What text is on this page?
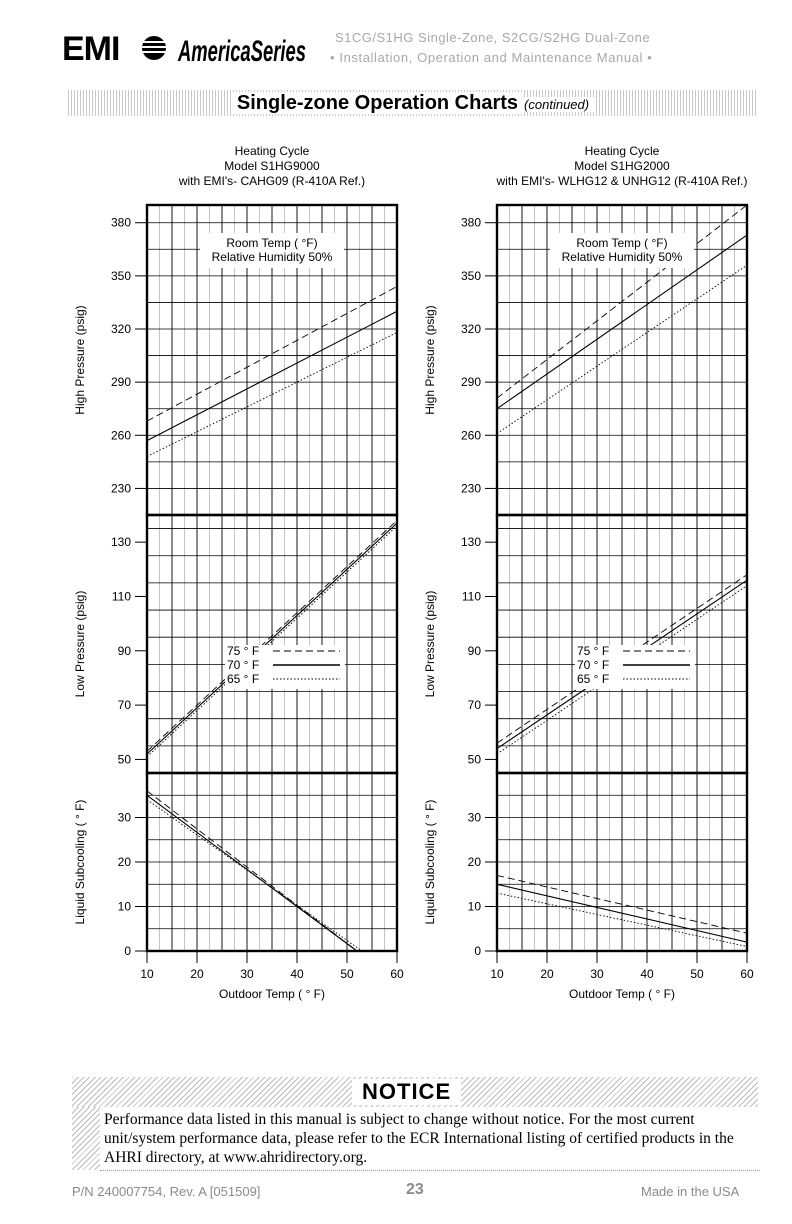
EMI AmericaSeries S1CG/S1HG Single-Zone, S2CG/S2HG Dual-Zone
• Installation, Operation and Maintenance Manual •
Single-zone Operation Charts (continued)
Heating Cycle
Model S1HG9000
with EMI's- CAHG09 (R-410A Ref.)
230
260
290
320
350
380
High Pressure (psig)
50
70
90
110
130
Low Pressure (psig)
0
10
20
30
Liquid Subcooling ( ° F)
10	20	30	40	50	60
Outdoor Temp ( ° F)
Room Temp ( °F)
Relative Humidity 50%
75 ° F
70 ° F
65 ° F
Heating Cycle
Model S1HG2000
with EMI's- WLHG12 & UNHG12 (R-410A Ref.)
230
260
290
320
350
380
High Pressure (psig)
50
70
90
110
130
Low Pressure (psig)
0
10
20
30
Liquid Subcooling ( ° F)
10	20	30	40	50	60
Outdoor Temp ( ° F)
Room Temp ( °F)
Relative Humidity 50%
75 ° F
70 ° F
65 ° F
NOTICE
Performance data listed in this manual is subject to change without notice. For the most current unit/system performance data, please refer to the ECR International listing of certified products in the AHRI directory, at www.ahridirectory.org.
P/N 240007754, Rev. A [051509]	23	Made in the USA
